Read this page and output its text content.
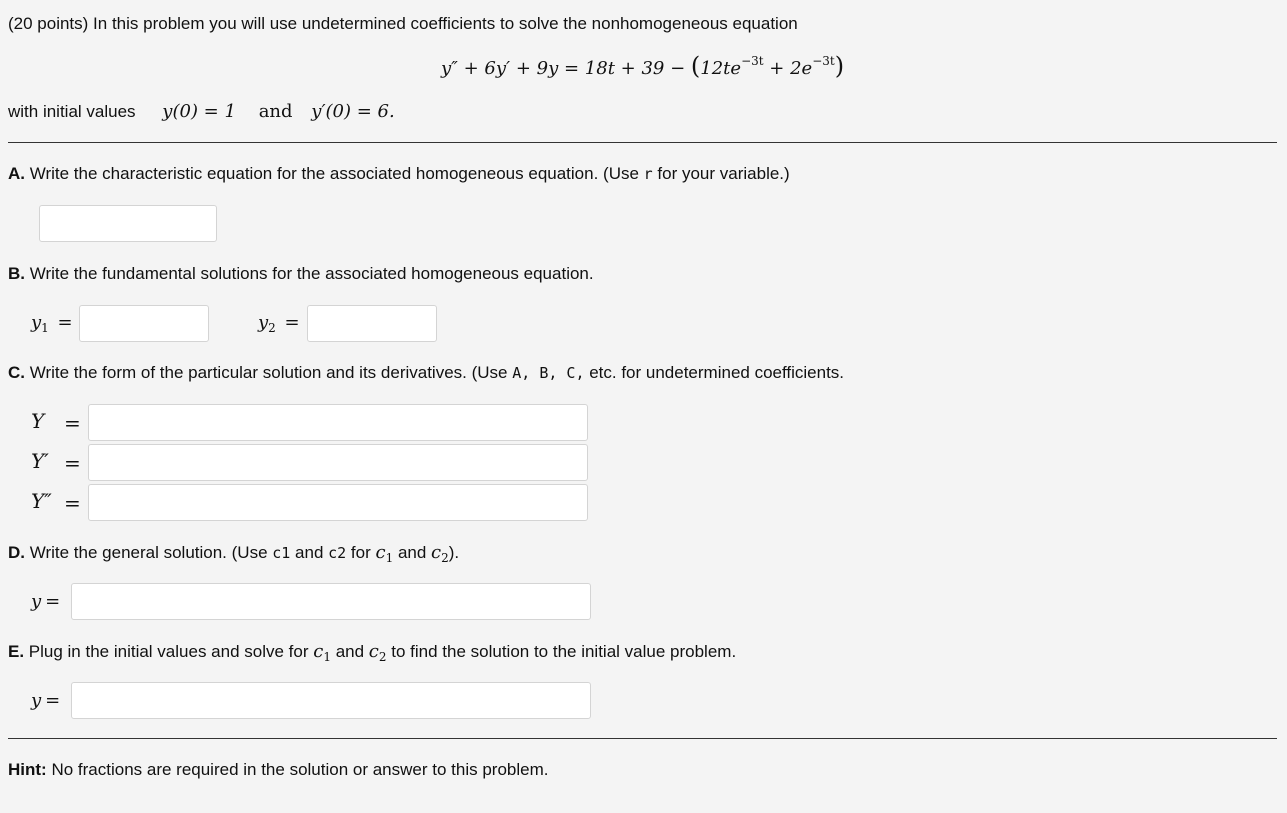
(20 points) In this problem you will use undetermined coefficients to solve the nonhomogeneous equation
$y'' + 6y' + 9y = 18t + 39 - (12te^{-3t} + 2e^{-3t})$
with initial values y(0) = 1 and y′(0) = 6.
A. Write the characteristic equation for the associated homogeneous equation. (Use r for your variable.)
B. Write the fundamental solutions for the associated homogeneous equation.
$y_1$ =	$y_2$ =
C. Write the form of the particular solution and its derivatives. (Use A, B, C, etc. for undetermined coefficients.
Y =
Y′ =
Y″ =
D. Write the general solution. (Use c1 and c2 for $c_1$ and $c_2$).
y =
E. Plug in the initial values and solve for $c_1$ and $c_2$ to find the solution to the initial value problem.
y =
Hint: No fractions are required in the solution or answer to this problem.
